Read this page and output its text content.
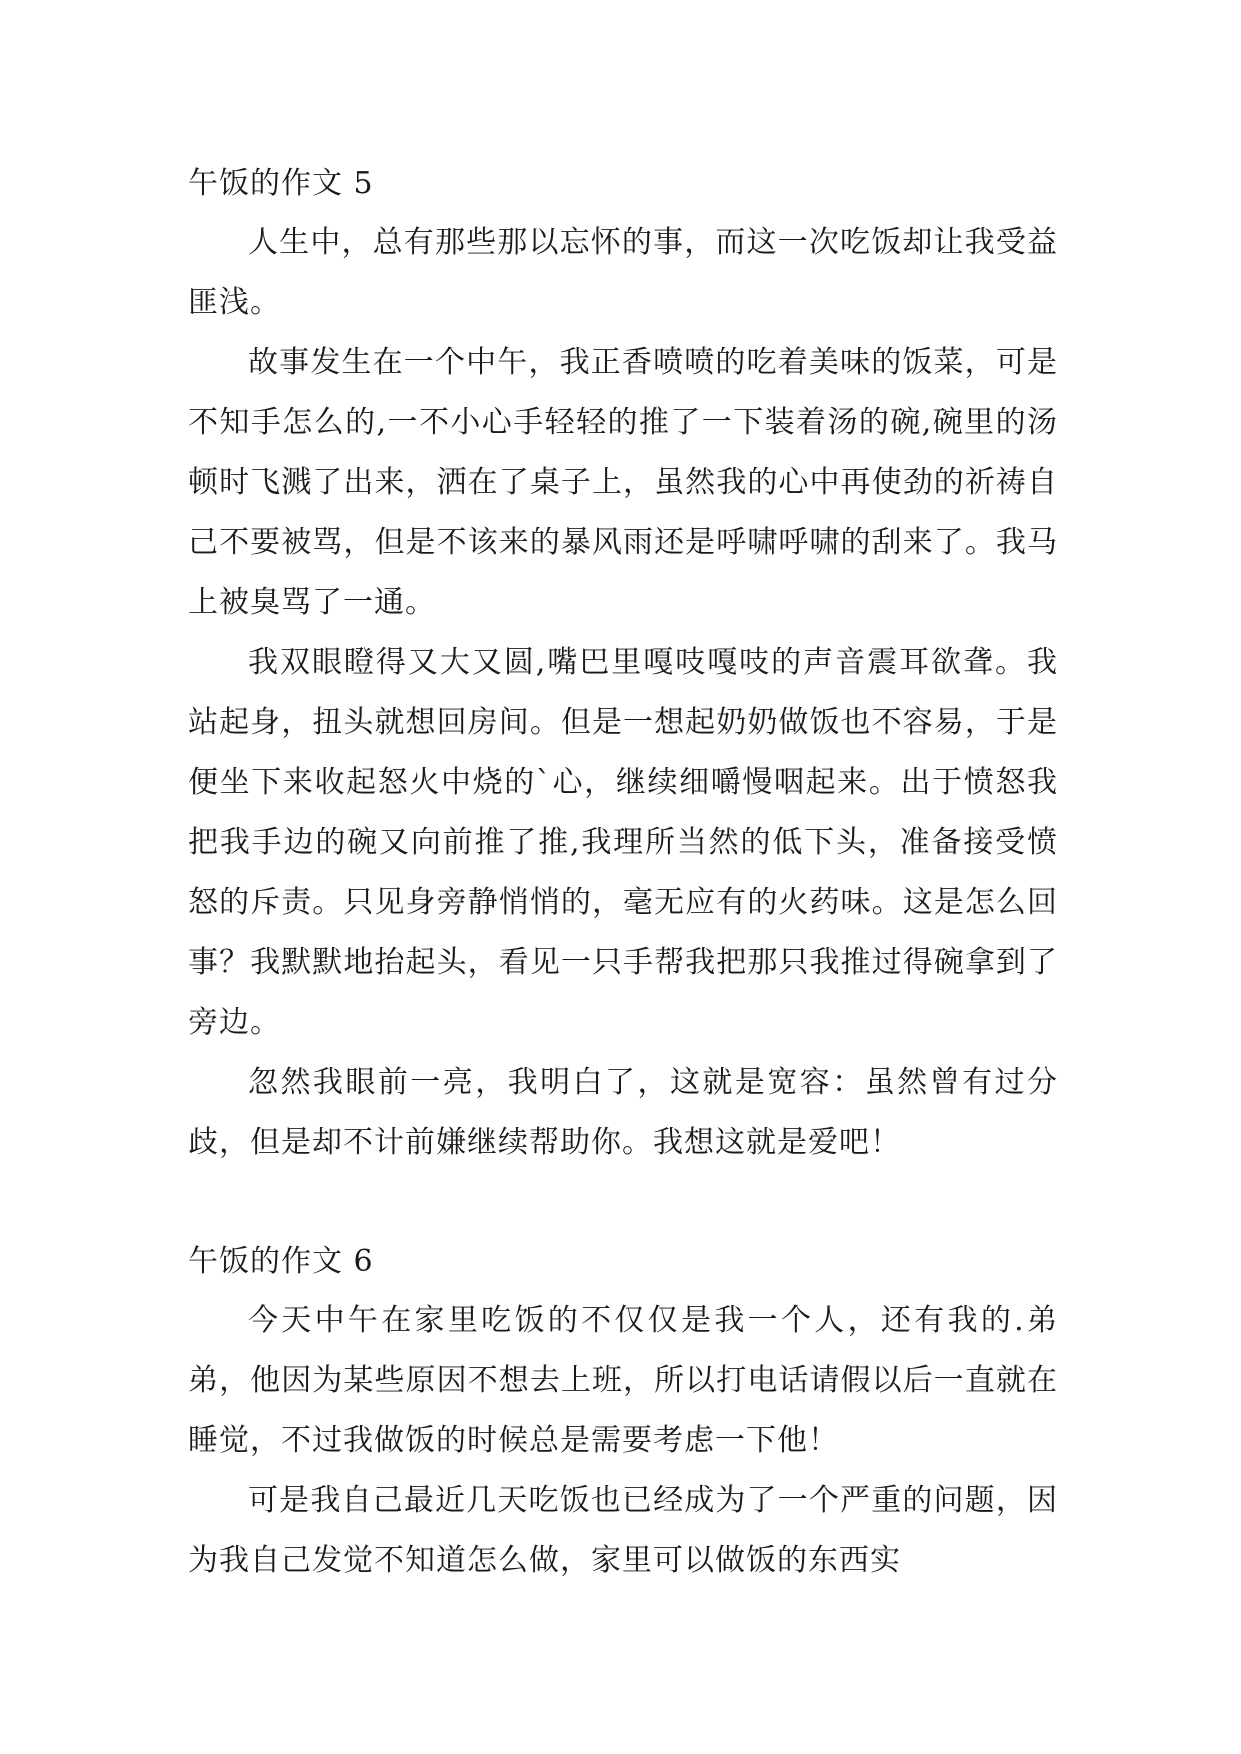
午饭的作文 5

人生中，总有那些那以忘怀的事，而这一次吃饭却让我受益匪浅。

故事发生在一个中午，我正香喷喷的吃着美味的饭菜，可是不知手怎么的,一不小心手轻轻的推了一下装着汤的碗,碗里的汤顿时飞溅了出来，洒在了桌子上，虽然我的心中再使劲的祈祷自己不要被骂，但是不该来的暴风雨还是呼啸呼啸的刮来了。我马上被臭骂了一通。

我双眼瞪得又大又圆,嘴巴里嘎吱嘎吱的声音震耳欲聋。我站起身，扭头就想回房间。但是一想起奶奶做饭也不容易，于是便坐下来收起怒火中烧的`心，继续细嚼慢咽起来。出于愤怒我把我手边的碗又向前推了推,我理所当然的低下头，准备接受愤怒的斥责。只见身旁静悄悄的，毫无应有的火药味。这是怎么回事？我默默地抬起头，看见一只手帮我把那只我推过得碗拿到了旁边。

忽然我眼前一亮，我明白了，这就是宽容：虽然曾有过分歧，但是却不计前嫌继续帮助你。我想这就是爱吧！

午饭的作文 6

今天中午在家里吃饭的不仅仅是我一个人，还有我的.弟弟，他因为某些原因不想去上班，所以打电话请假以后一直就在睡觉，不过我做饭的时候总是需要考虑一下他！

可是我自己最近几天吃饭也已经成为了一个严重的问题，因为我自己发觉不知道怎么做，家里可以做饭的东西实
